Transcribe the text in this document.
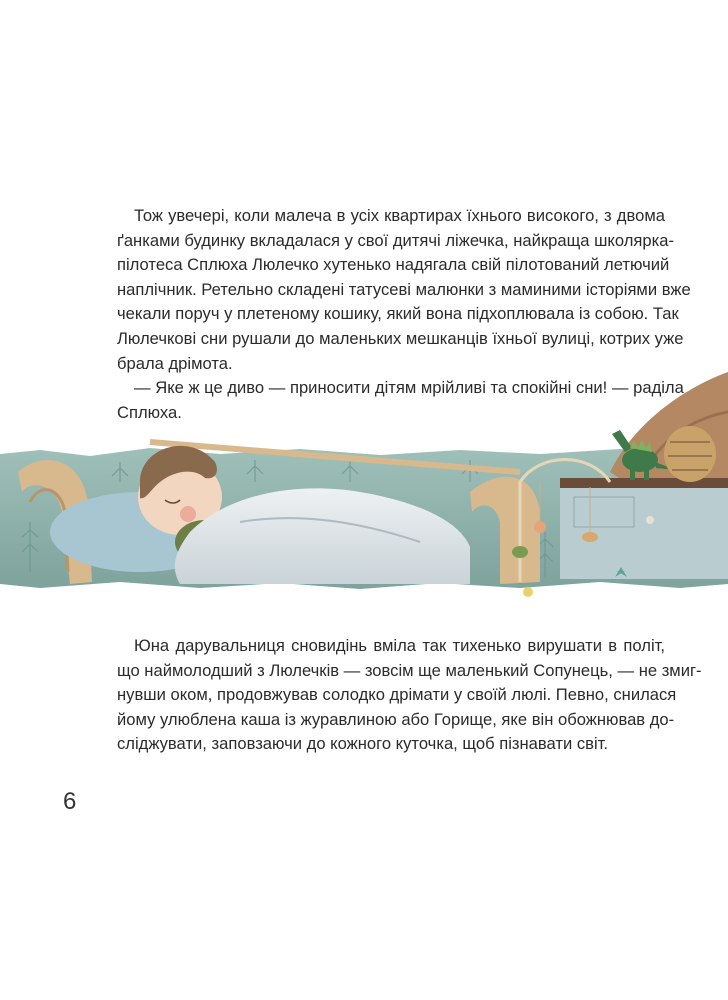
Тож увечері, коли малеча в усіх квартирах їхнього високого, з двома
ґанками будинку вкладалася у свої дитячі ліжечка, найкраща школярка-
пілотеса Сплюха Люлечко хутенько надягала свій пілотований летючий
наплічник. Ретельно складені татусеві малюнки з маминими історіями вже
чекали поруч у плетеному кошику, який вона підхоплювала із собою. Так
Люлечкові сни рушали до маленьких мешканців їхньої вулиці, котрих уже
брала дрімота.
— Яке ж це диво — приносити дітям мрійливі та спокійні сни! — раділа
Сплюха.
Юна дарувальниця сновидінь вміла так тихенько вирушати в політ,
що наймолодший з Люлечків — зовсім ще маленький Сопунець, — не змиг-
нувши оком, продовжував солодко дрімати у своїй люлі. Певно, снилася
йому улюблена каша із журавлиною або Горище, яке він обожнював до-
сліджувати, заповзаючи до кожного куточка, щоб пізнавати світ.
6
